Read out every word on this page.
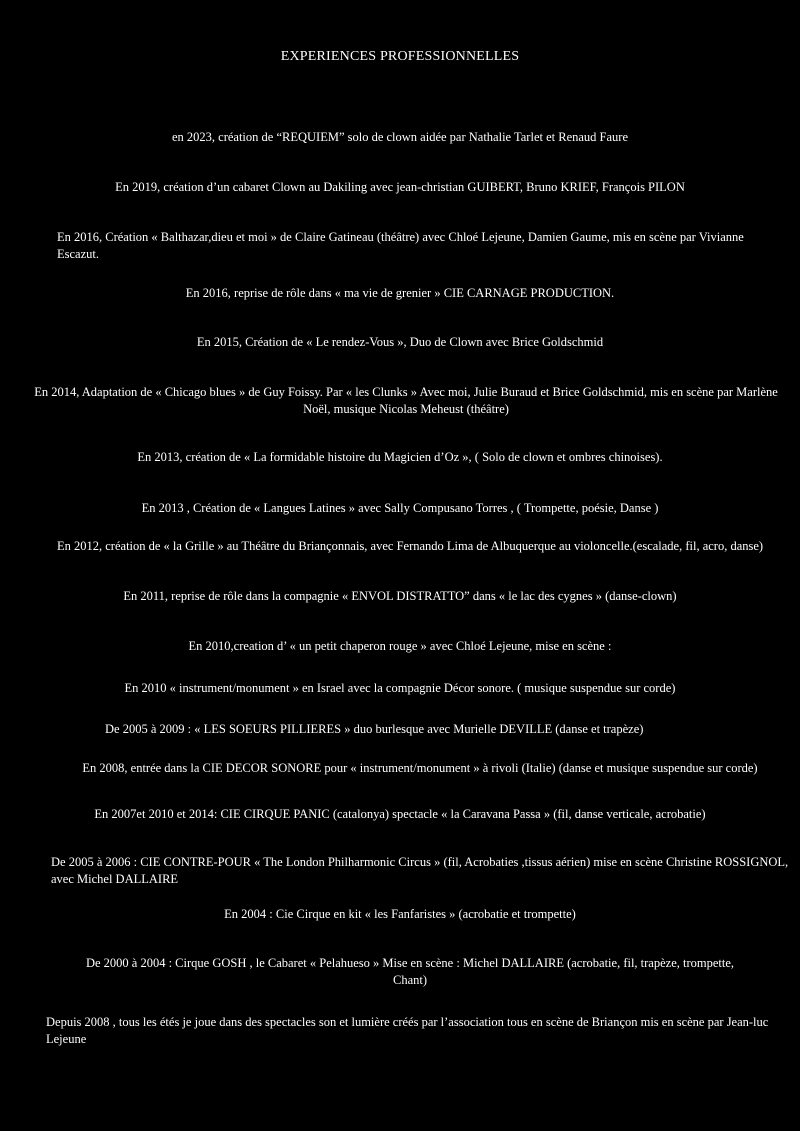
EXPERIENCES PROFESSIONNELLES
en 2023, création de “REQUIEM” solo de clown aidée par Nathalie Tarlet et Renaud Faure
En 2019, création d’un cabaret Clown au Dakiling avec jean-christian GUIBERT, Bruno KRIEF, François PILON
En 2016, Création « Balthazar,dieu et moi » de Claire Gatineau (théâtre) avec Chloé Lejeune, Damien Gaume, mis en scène par Vivianne Escazut.
En 2016, reprise de rôle dans « ma vie de grenier » CIE CARNAGE PRODUCTION.
En 2015, Création de « Le rendez-Vous », Duo de Clown avec Brice Goldschmid
En 2014, Adaptation de « Chicago blues » de Guy Foissy. Par « les Clunks » Avec moi, Julie Buraud et Brice Goldschmid, mis en scène par Marlène Noël, musique Nicolas Meheust (théâtre)
En 2013, création de « La formidable histoire du Magicien d’Oz », ( Solo de clown et ombres chinoises).
En 2013 , Création de « Langues Latines » avec Sally Compusano Torres , ( Trompette, poésie, Danse )
En 2012, création de « la Grille » au Théâtre du Briançonnais, avec Fernando Lima de Albuquerque au violoncelle.(escalade, fil, acro, danse)
En 2011, reprise de rôle dans la compagnie « ENVOL DISTRATTO” dans « le lac des cygnes » (danse-clown)
En 2010,creation d’ « un petit chaperon rouge » avec Chloé Lejeune, mise en scène :
En 2010 « instrument/monument » en Israel avec la compagnie Décor sonore. ( musique suspendue sur corde)
De 2005 à 2009 : « LES SOEURS PILLIERES » duo burlesque avec Murielle DEVILLE (danse et trapèze)
En 2008, entrée dans la CIE DECOR SONORE pour « instrument/monument » à rivoli (Italie) (danse et musique suspendue sur corde)
En 2007et 2010 et 2014: CIE CIRQUE PANIC (catalonya) spectacle « la Caravana Passa » (fil, danse verticale, acrobatie)
De 2005 à 2006 : CIE CONTRE-POUR « The London Philharmonic Circus » (fil, Acrobaties ,tissus aérien) mise en scène Christine ROSSIGNOL, avec Michel DALLAIRE
En 2004 : Cie Cirque en kit « les Fanfaristes » (acrobatie et trompette)
De 2000 à 2004 : Cirque GOSH , le Cabaret « Pelahueso » Mise en scène : Michel DALLAIRE (acrobatie, fil, trapèze, trompette, Chant)
Depuis 2008 , tous les étés je joue dans des spectacles son et lumière créés par l’association tous en scène de Briançon mis en scène par Jean-luc Lejeune
